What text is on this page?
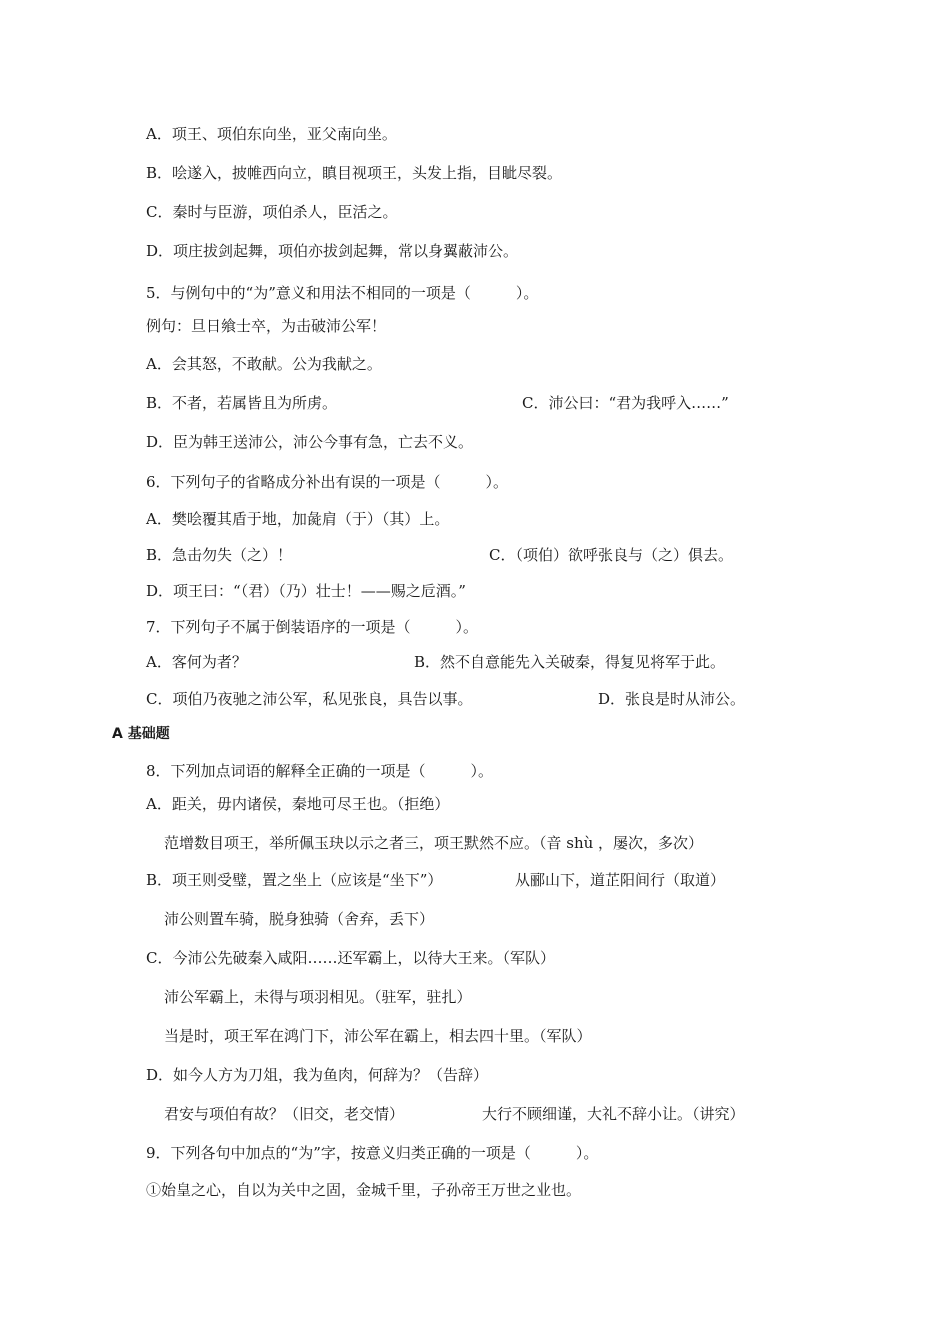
A．项王、项伯东向坐，亚父南向坐。
B．哙遂入，披帷西向立，瞋目视项王，头发上指，目眦尽裂。
C．秦时与臣游，项伯杀人，臣活之。
D．项庄拔剑起舞，项伯亦拔剑起舞，常以身翼蔽沛公。
5．与例句中的“为”意义和用法不相同的一项是（　　　）。
例句：旦日飨士卒，为击破沛公军！
A．会其怒，不敢献。公为我献之。
B．不者，若属皆且为所虏。	C．沛公曰：“君为我呼入……”
D．臣为韩王送沛公，沛公今事有急，亡去不义。
6．下列句子的省略成分补出有误的一项是（　　　）。
A．樊哙覆其盾于地，加彘肩（于）（其）上。
B．急击勿失（之）！	C．（项伯）欲呼张良与（之）俱去。
D．项王曰：“（君）（乃）壮士！——赐之卮酒。”
7．下列句子不属于倒装语序的一项是（　　　）。
A．客何为者？	B．然不自意能先入关破秦，得复见将军于此。
C．项伯乃夜驰之沛公军，私见张良，具告以事。	D．张良是时从沛公。
A 基础题
8．下列加点词语的解释全正确的一项是（　　　）。
A．距关，毋内诸侯，秦地可尽王也。（拒绝）
范增数目项王，举所佩玉玦以示之者三，项王默然不应。（音 shù ，屡次，多次）
B．项王则受璧，置之坐上（应该是“坐下”）	从郦山下，道芷阳间行（取道）
沛公则置车骑，脱身独骑（舍弃，丢下）
C．今沛公先破秦入咸阳……还军霸上，以待大王来。（军队）
沛公军霸上，未得与项羽相见。（驻军，驻扎）
当是时，项王军在鸿门下，沛公军在霸上，相去四十里。（军队）
D．如今人方为刀俎，我为鱼肉，何辞为？（告辞）
君安与项伯有故？（旧交，老交情）	大行不顾细谨，大礼不辞小让。（讲究）
9．下列各句中加点的“为”字，按意义归类正确的一项是（　　　）。
①始皇之心，自以为关中之固，金城千里，子孙帝王万世之业也。
